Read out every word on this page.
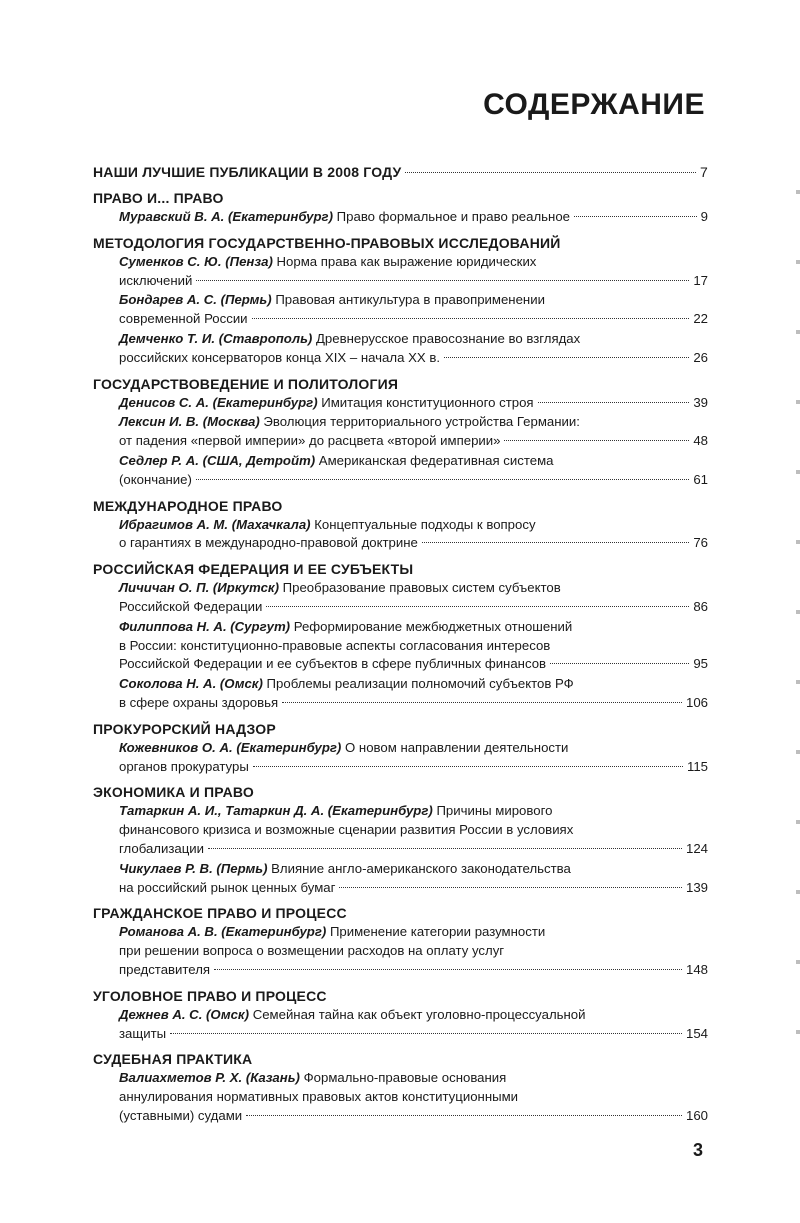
СОДЕРЖАНИЕ
НАШИ ЛУЧШИЕ ПУБЛИКАЦИИ В 2008 ГОДУ	7
ПРАВО И... ПРАВО
Муравский В. А. (Екатеринбург) Право формальное и право реальное	9
МЕТОДОЛОГИЯ ГОСУДАРСТВЕННО-ПРАВОВЫХ ИССЛЕДОВАНИЙ
Суменков С. Ю. (Пенза) Норма права как выражение юридических
исключений	17
Бондарев А. С. (Пермь) Правовая антикультура в правоприменении
современной России	22
Демченко Т. И. (Ставрополь) Древнерусское правосознание во взглядах
российских консерваторов конца XIX – начала XX в.	26
ГОСУДАРСТВОВЕДЕНИЕ И ПОЛИТОЛОГИЯ
Денисов С. А. (Екатеринбург) Имитация конституционного строя	39
Лексин И. В. (Москва) Эволюция территориального устройства Германии:
от падения «первой империи» до расцвета «второй империи»	48
Седлер Р. А. (США, Детройт) Американская федеративная система
(окончание)	61
МЕЖДУНАРОДНОЕ ПРАВО
Ибрагимов А. М. (Махачкала) Концептуальные подходы к вопросу
о гарантиях в международно-правовой доктрине	76
РОССИЙСКАЯ ФЕДЕРАЦИЯ И ЕЕ СУБЪЕКТЫ
Личичан О. П. (Иркутск) Преобразование правовых систем субъектов
Российской Федерации	86
Филиппова Н. А. (Сургут) Реформирование межбюджетных отношений
в России: конституционно-правовые аспекты согласования интересов
Российской Федерации и ее субъектов в сфере публичных финансов	95
Соколова Н. А. (Омск) Проблемы реализации полномочий субъектов РФ
в сфере охраны здоровья	106
ПРОКУРОРСКИЙ НАДЗОР
Кожевников О. А. (Екатеринбург) О новом направлении деятельности
органов прокуратуры	115
ЭКОНОМИКА И ПРАВО
Татаркин А. И., Татаркин Д. А. (Екатеринбург) Причины мирового
финансового кризиса и возможные сценарии развития России в условиях
глобализации	124
Чикулаев Р. В. (Пермь) Влияние англо-американского законодательства
на российский рынок ценных бумаг	139
ГРАЖДАНСКОЕ ПРАВО И ПРОЦЕСС
Романова А. В. (Екатеринбург) Применение категории разумности
при решении вопроса о возмещении расходов на оплату услуг
представителя	148
УГОЛОВНОЕ ПРАВО И ПРОЦЕСС
Дежнев А. С. (Омск) Семейная тайна как объект уголовно-процессуальной
защиты	154
СУДЕБНАЯ ПРАКТИКА
Валиахметов Р. Х. (Казань) Формально-правовые основания
аннулирования нормативных правовых актов конституционными
(уставными) судами	160
3
